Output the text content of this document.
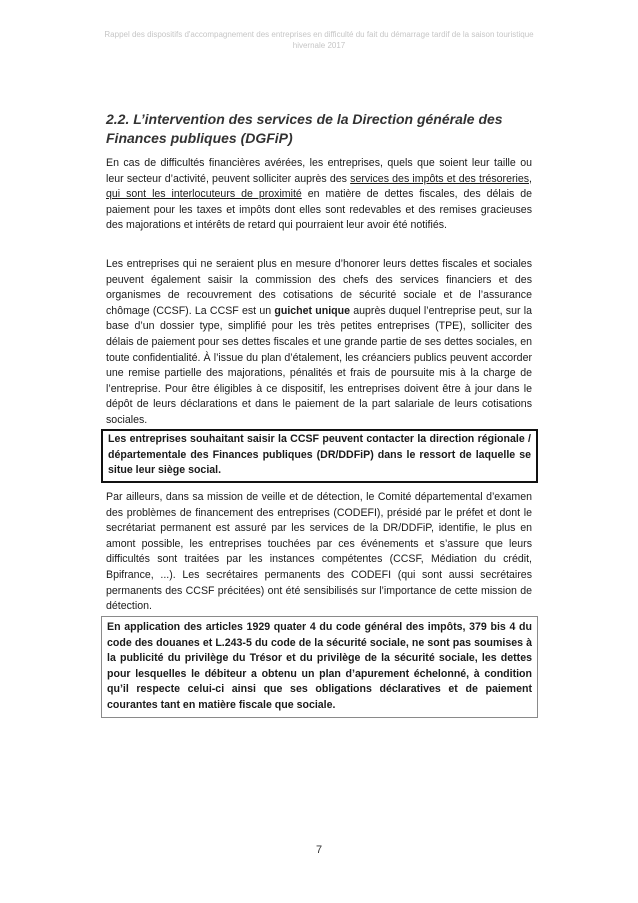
Rappel des dispositifs d'accompagnement des entreprises en difficulté du fait du démarrage tardif de la saison touristique hivernale 2017
2.2. L’intervention des services de la Direction générale des Finances publiques (DGFiP)

En cas de difficultés financières avérées, les entreprises, quels que soient leur taille ou leur secteur d’activité, peuvent solliciter auprès des services des impôts et des trésoreries, qui sont les interlocuteurs de proximité en matière de dettes fiscales, des délais de paiement pour les taxes et impôts dont elles sont redevables et des remises gracieuses des majorations et intérêts de retard qui pourraient leur avoir été notifiés.

Les entreprises qui ne seraient plus en mesure d’honorer leurs dettes fiscales et sociales peuvent également saisir la commission des chefs des services financiers et des organismes de recouvrement des cotisations de sécurité sociale et de l’assurance chômage (CCSF). La CCSF est un guichet unique auprès duquel l’entreprise peut, sur la base d’un dossier type, simplifié pour les très petites entreprises (TPE), solliciter des délais de paiement pour ses dettes fiscales et une grande partie de ses dettes sociales, en toute confidentialité. À l’issue du plan d’étalement, les créanciers publics peuvent accorder une remise partielle des majorations, pénalités et frais de poursuite mis à la charge de l’entreprise. Pour être éligibles à ce dispositif, les entreprises doivent être à jour dans le dépôt de leurs déclarations et dans le paiement de la part salariale de leurs cotisations sociales.

Les entreprises souhaitant saisir la CCSF peuvent contacter la direction régionale / départementale des Finances publiques (DR/DDFiP) dans le ressort de laquelle se situe leur siège social.

Par ailleurs, dans sa mission de veille et de détection, le Comité départemental d’examen des problèmes de financement des entreprises (CODEFI), présidé par le préfet et dont le secrétariat permanent est assuré par les services de la DR/DDFiP, identifie, le plus en amont possible, les entreprises touchées par ces événements et s’assure que leurs difficultés sont traitées par les instances compétentes (CCSF, Médiation du crédit, Bpifrance, ...). Les secrétaires permanents des CODEFI (qui sont aussi secrétaires permanents des CCSF précitées) ont été sensibilisés sur l’importance de cette mission de détection.

En application des articles 1929 quater 4 du code général des impôts, 379 bis 4 du code des douanes et L.243-5 du code de la sécurité sociale, ne sont pas soumises à la publicité du privilège du Trésor et du privilège de la sécurité sociale, les dettes pour lesquelles le débiteur a obtenu un plan d’apurement échelonné, à condition qu’il respecte celui-ci ainsi que ses obligations déclaratives et de paiement courantes tant en matière fiscale que sociale.
7
